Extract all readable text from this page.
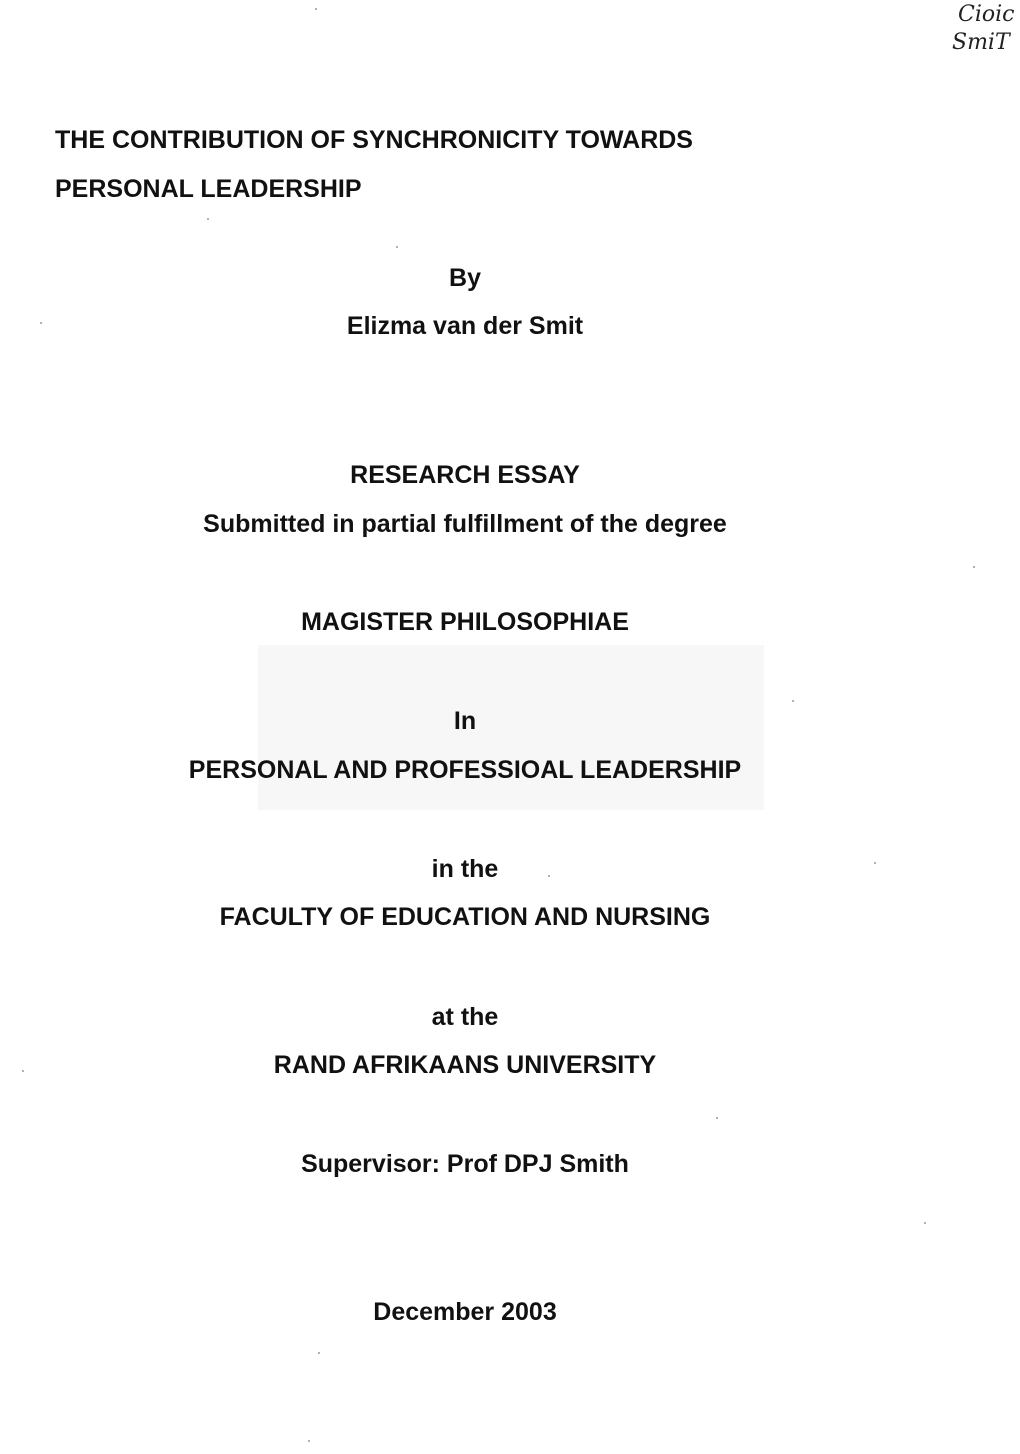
Cioic
SmiT
THE CONTRIBUTION OF SYNCHRONICITY TOWARDS
PERSONAL LEADERSHIP
By
Elizma van der Smit
RESEARCH ESSAY
Submitted in partial fulfillment of the degree
MAGISTER PHILOSOPHIAE
In
PERSONAL AND PROFESSIOAL LEADERSHIP
in the
FACULTY OF EDUCATION AND NURSING
at the
RAND AFRIKAANS UNIVERSITY
Supervisor: Prof DPJ Smith
December 2003
